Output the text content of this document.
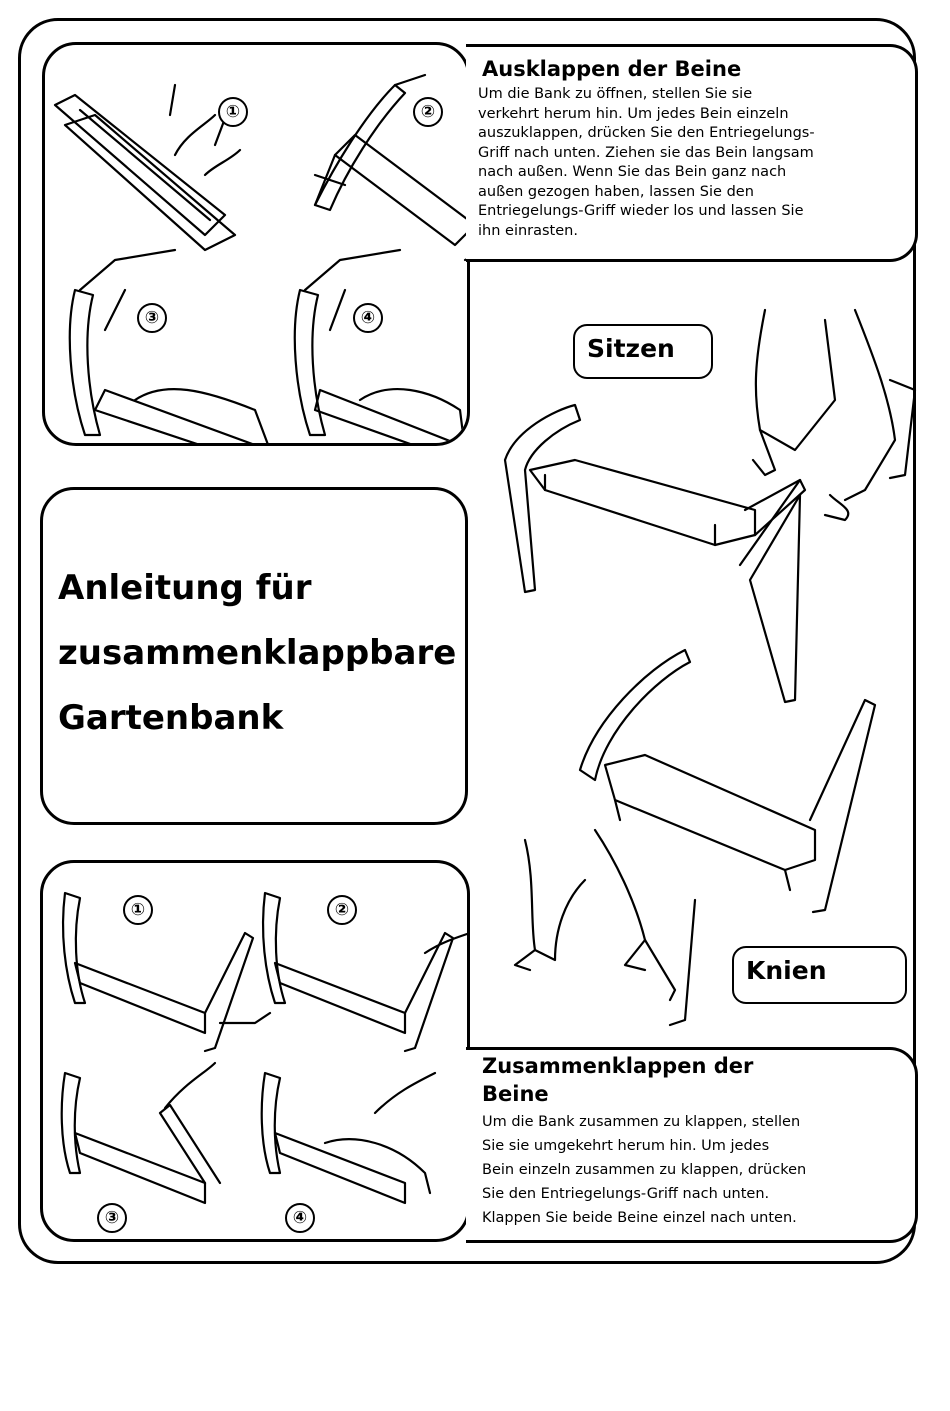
①	②
③	④
Ausklappen der Beine
Um die Bank zu öffnen, stellen Sie sie
verkehrt herum hin. Um jedes Bein einzeln
auszuklappen, drücken Sie den Entriegelungs-
Griff nach unten. Ziehen sie das Bein langsam
nach außen. Wenn Sie das Bein ganz nach
außen gezogen haben, lassen Sie den
Entriegelungs-Griff wieder los und lassen Sie
ihn einrasten.
Anleitung für
zusammenklappbare
Gartenbank
Sitzen
Knien
①	②
③	④
Zusammenklappen der
Beine
Um die Bank zusammen zu klappen, stellen
Sie sie umgekehrt herum hin. Um jedes
Bein einzeln zusammen zu klappen, drücken
Sie den Entriegelungs-Griff nach unten.
Klappen Sie beide Beine einzel nach unten.
